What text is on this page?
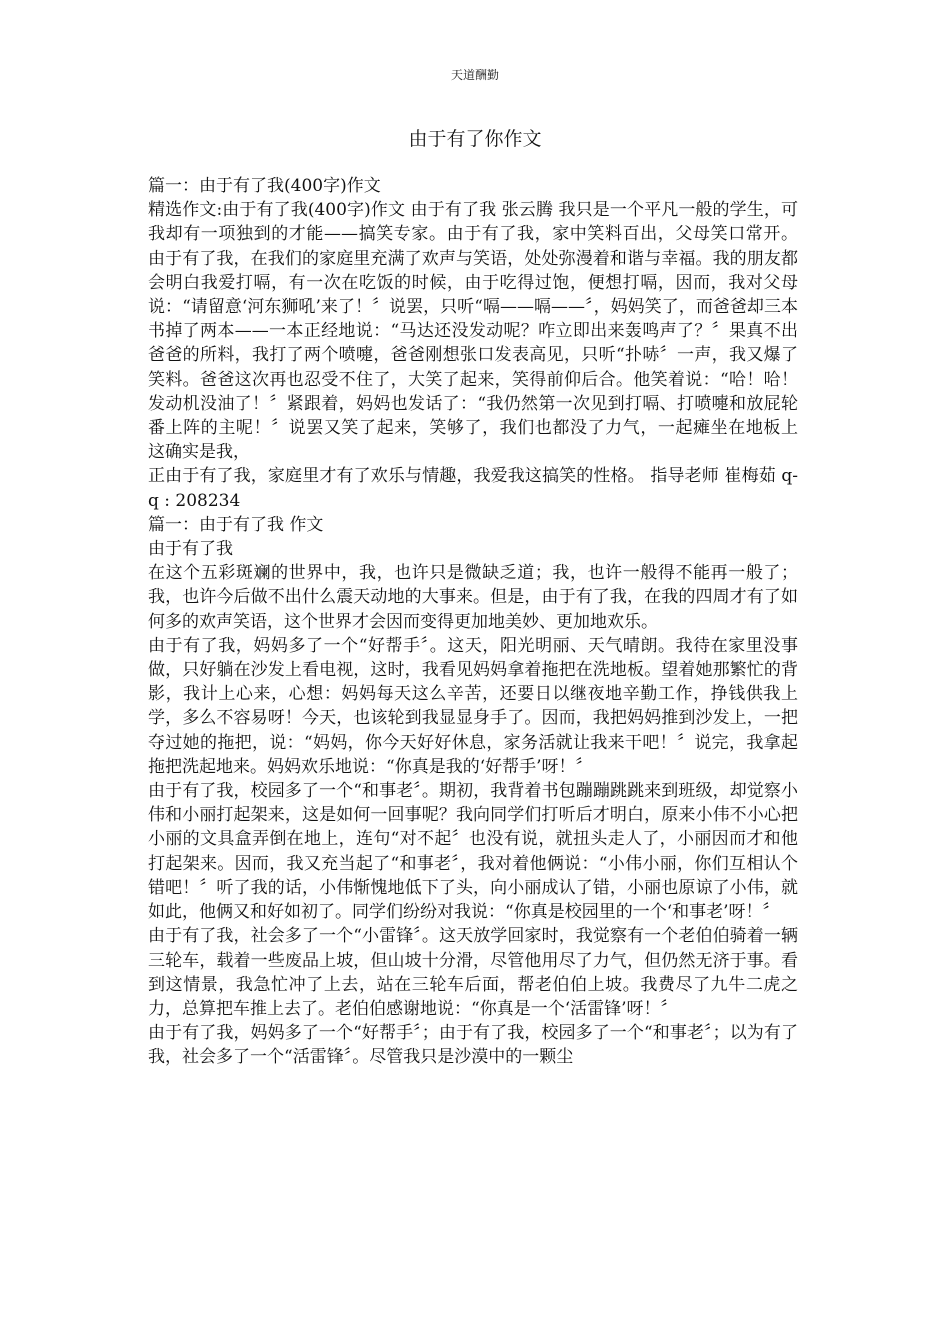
天道酬勤
由于有了你作文

篇一：由于有了我(400字)作文

精选作文:由于有了我(400字)作文 由于有了我 张云腾 我只是一个平凡一般的学生，可我却有一项独到的才能——搞笑专家。由于有了我，家中笑料百出，父母笑口常开。 由于有了我，在我们的家庭里充满了欢声与笑语，处处弥漫着和谐与幸福。我的朋友都会明白我爱打嗝，有一次在吃饭的时候，由于吃得过饱，便想打嗝，因而，我对父母说：“请留意‘河东狮吼’来了！〞说罢，只听“嗝——嗝——〞，妈妈笑了，而爸爸却三本书掉了两本——一本正经地说：“马达还没发动呢？咋立即出来轰鸣声了？〞果真不出爸爸的所料，我打了两个喷嚏，爸爸刚想张口发表高见，只听“扑哧〞一声，我又爆了笑料。爸爸这次再也忍受不住了，大笑了起来，笑得前仰后合。他笑着说：“哈！哈！发动机没油了！〞紧跟着，妈妈也发话了：“我仍然第一次见到打嗝、打喷嚏和放屁轮番上阵的主呢！〞说罢又笑了起来，笑够了，我们也都没了力气，一起瘫坐在地板上 这确实是我，

正由于有了我，家庭里才有了欢乐与情趣，我爱我这搞笑的性格。 指导老师 崔梅茹 q-q : 208234

篇一：由于有了我 作文

由于有了我

在这个五彩斑斓的世界中，我，也许只是微缺乏道；我，也许一般得不能再一般了；我，也许今后做不出什么震天动地的大事来。但是，由于有了我，在我的四周才有了如何多的欢声笑语，这个世界才会因而变得更加地美妙、更加地欢乐。

由于有了我，妈妈多了一个“好帮手〞。这天，阳光明丽、天气晴朗。我待在家里没事做，只好躺在沙发上看电视，这时，我看见妈妈拿着拖把在洗地板。望着她那繁忙的背影，我计上心来，心想：妈妈每天这么辛苦，还要日以继夜地辛勤工作，挣钱供我上学，多么不容易呀！今天，也该轮到我显显身手了。因而，我把妈妈推到沙发上，一把夺过她的拖把，说：“妈妈，你今天好好休息，家务活就让我来干吧！〞说完，我拿起拖把洗起地来。妈妈欢乐地说：“你真是我的‘好帮手’呀！〞

由于有了我，校园多了一个“和事老〞。期初，我背着书包蹦蹦跳跳来到班级，却觉察小伟和小丽打起架来，这是如何一回事呢？我向同学们打听后才明白，原来小伟不小心把小丽的文具盒弄倒在地上，连句“对不起〞也没有说，就扭头走人了，小丽因而才和他打起架来。因而，我又充当起了“和事老〞，我对着他俩说：“小伟小丽，你们互相认个错吧！〞听了我的话，小伟惭愧地低下了头，向小丽成认了错，小丽也原谅了小伟，就如此，他俩又和好如初了。同学们纷纷对我说：“你真是校园里的一个‘和事老’呀！〞

由于有了我，社会多了一个“小雷锋〞。这天放学回家时，我觉察有一个老伯伯骑着一辆三轮车，载着一些废品上坡，但山坡十分滑，尽管他用尽了力气，但仍然无济于事。看到这情景，我急忙冲了上去，站在三轮车后面，帮老伯伯上坡。我费尽了九牛二虎之力，总算把车推上去了。老伯伯感谢地说：“你真是一个‘活雷锋’呀！〞

由于有了我，妈妈多了一个“好帮手〞；由于有了我，校园多了一个“和事老〞；以为有了我，社会多了一个“活雷锋〞。尽管我只是沙漠中的一颗尘
